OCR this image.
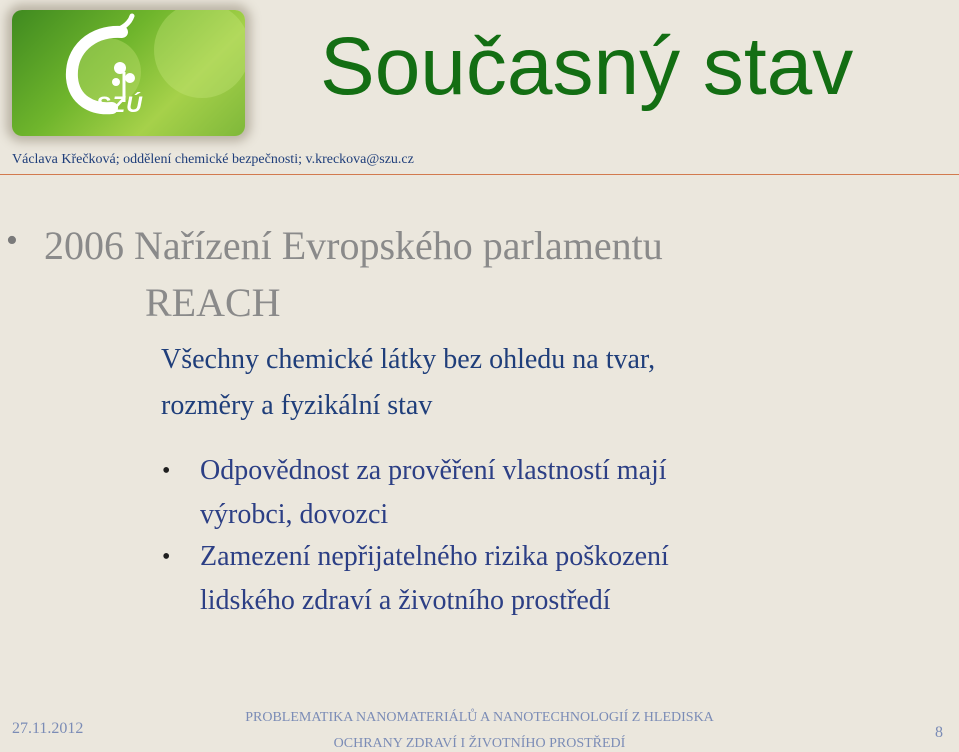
SZÚ Současný stav
Václava Křečková; oddělení chemické bezpečnosti; v.kreckova@szu.cz
• 2006 Nařízení Evropského parlamentu
REACH
Všechny chemické látky bez ohledu na tvar,
rozměry a fyzikální stav
• Odpovědnost za prověření vlastností mají
výrobci, dovozci
• Zamezení nepřijatelného rizika poškození
lidského zdraví a životního prostředí
27.11.2012
PROBLEMATIKA NANOMATERIÁLŮ A NANOTECHNOLOGIÍ Z HLEDISKA
OCHRANY ZDRAVÍ I ŽIVOTNÍHO PROSTŘEDÍ
8
